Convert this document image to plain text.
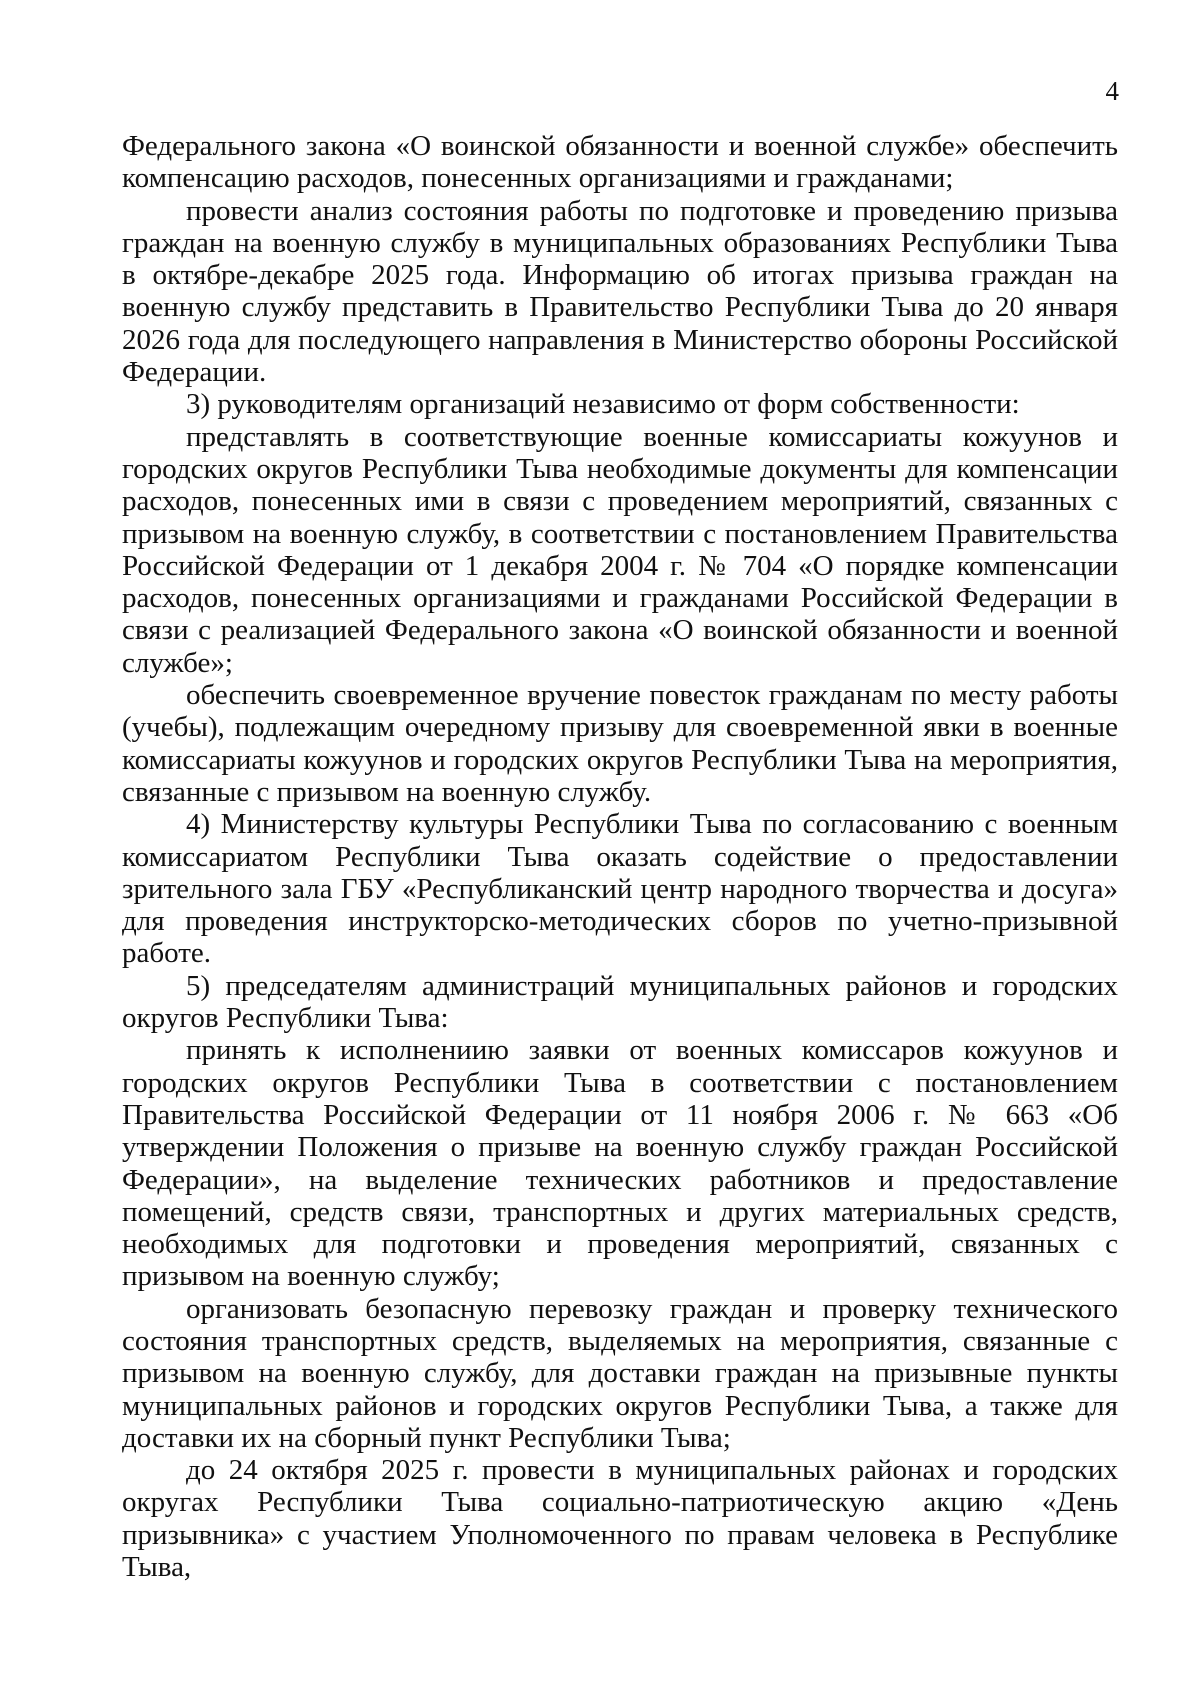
4

Федерального закона «О воинской обязанности и военной службе» обеспечить компенсацию расходов, понесенных организациями и гражданами;

провести анализ состояния работы по подготовке и проведению призыва граждан на военную службу в муниципальных образованиях Республики Тыва в октябре-декабре 2025 года. Информацию об итогах призыва граждан на военную службу представить в Правительство Республики Тыва до 20 января 2026 года для последующего направления в Министерство обороны Российской Федерации.

3) руководителям организаций независимо от форм собственности:

представлять в соответствующие военные комиссариаты кожуунов и городских округов Республики Тыва необходимые документы для компенсации расходов, понесенных ими в связи с проведением мероприятий, связанных с призывом на военную службу, в соответствии с постановлением Правительства Российской Федерации от 1 декабря 2004 г. № 704 «О порядке компенсации расходов, понесенных организациями и гражданами Российской Федерации в связи с реализацией Федерального закона «О воинской обязанности и военной службе»;

обеспечить своевременное вручение повесток гражданам по месту работы (учебы), подлежащим очередному призыву для своевременной явки в военные комиссариаты кожуунов и городских округов Республики Тыва на мероприятия, связанные с призывом на военную службу.

4) Министерству культуры Республики Тыва по согласованию с военным комиссариатом Республики Тыва оказать содействие о предоставлении зрительного зала ГБУ «Республиканский центр народного творчества и досуга» для проведения инструкторско-методических сборов по учетно-призывной работе.

5) председателям администраций муниципальных районов и городских округов Республики Тыва:

принять к исполнениию заявки от военных комиссаров кожуунов и городских округов Республики Тыва в соответствии с постановлением Правительства Российской Федерации от 11 ноября 2006 г. № 663 «Об утверждении Положения о призыве на военную службу граждан Российской Федерации», на выделение технических работников и предоставление помещений, средств связи, транспортных и других материальных средств, необходимых для подготовки и проведения мероприятий, связанных с призывом на военную службу;

организовать безопасную перевозку граждан и проверку технического состояния транспортных средств, выделяемых на мероприятия, связанные с призывом на военную службу, для доставки граждан на призывные пункты муниципальных районов и городских округов Республики Тыва, а также для доставки их на сборный пункт Республики Тыва;

до 24 октября 2025 г. провести в муниципальных районах и городских округах Республики Тыва социально-патриотическую акцию «День призывника» с участием Уполномоченного по правам человека в Республике Тыва,
